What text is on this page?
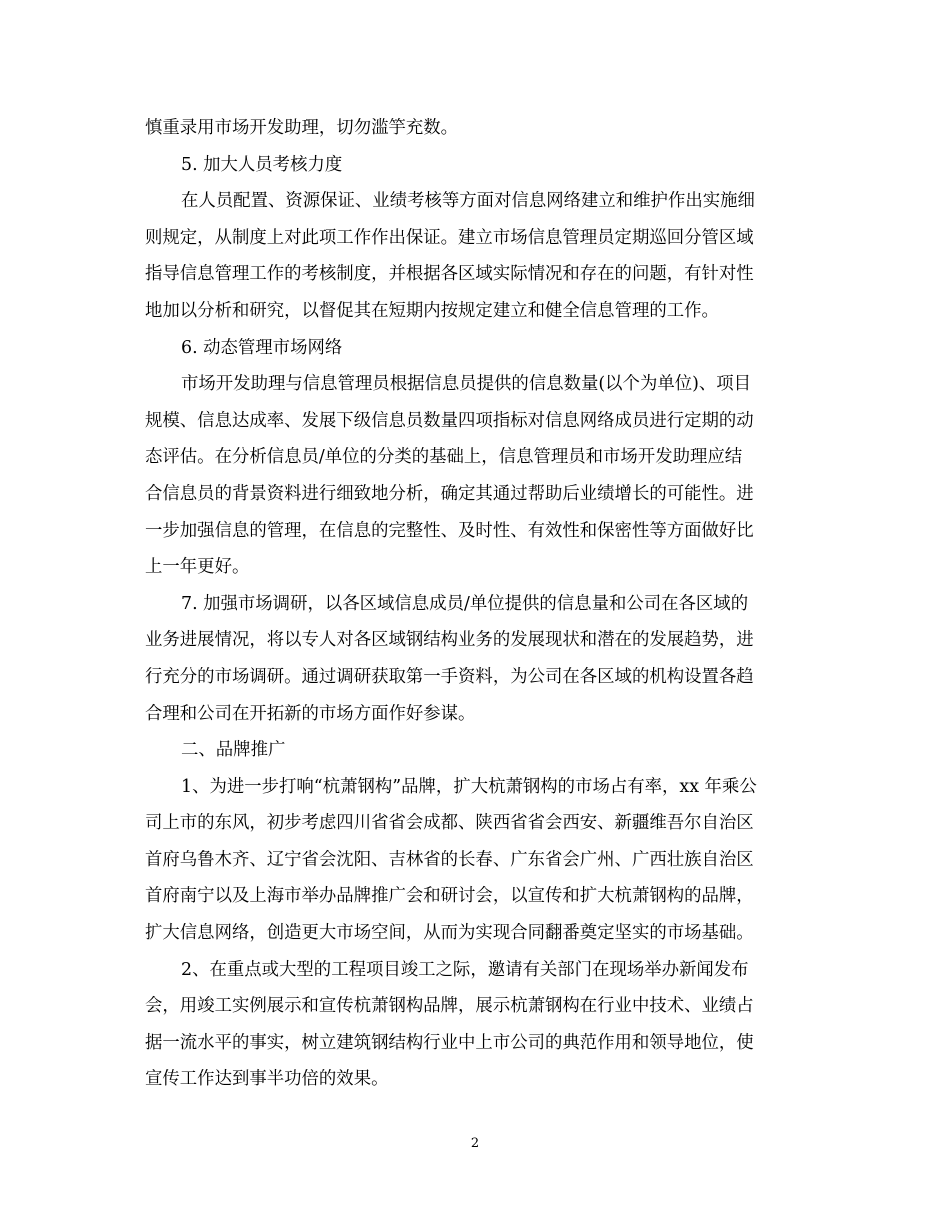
慎重录用市场开发助理，切勿滥竽充数。
5. 加大人员考核力度
在人员配置、资源保证、业绩考核等方面对信息网络建立和维护作出实施细
则规定，从制度上对此项工作作出保证。建立市场信息管理员定期巡回分管区域
指导信息管理工作的考核制度，并根据各区域实际情况和存在的问题，有针对性
地加以分析和研究，以督促其在短期内按规定建立和健全信息管理的工作。
6. 动态管理市场网络
市场开发助理与信息管理员根据信息员提供的信息数量(以个为单位)、项目
规模、信息达成率、发展下级信息员数量四项指标对信息网络成员进行定期的动
态评估。在分析信息员/单位的分类的基础上，信息管理员和市场开发助理应结
合信息员的背景资料进行细致地分析，确定其通过帮助后业绩增长的可能性。进
一步加强信息的管理，在信息的完整性、及时性、有效性和保密性等方面做好比
上一年更好。
7. 加强市场调研，以各区域信息成员/单位提供的信息量和公司在各区域的
业务进展情况，将以专人对各区域钢结构业务的发展现状和潜在的发展趋势，进
行充分的市场调研。通过调研获取第一手资料，为公司在各区域的机构设置各趋
合理和公司在开拓新的市场方面作好参谋。
二、品牌推广
1、为进一步打响“杭萧钢构”品牌，扩大杭萧钢构的市场占有率，xx 年乘公
司上市的东风，初步考虑四川省省会成都、陕西省省会西安、新疆维吾尔自治区
首府乌鲁木齐、辽宁省会沈阳、吉林省的长春、广东省会广州、广西壮族自治区
首府南宁以及上海市举办品牌推广会和研讨会，以宣传和扩大杭萧钢构的品牌，
扩大信息网络，创造更大市场空间，从而为实现合同翻番奠定坚实的市场基础。
2、在重点或大型的工程项目竣工之际，邀请有关部门在现场举办新闻发布
会，用竣工实例展示和宣传杭萧钢构品牌，展示杭萧钢构在行业中技术、业绩占
据一流水平的事实，树立建筑钢结构行业中上市公司的典范作用和领导地位，使
宣传工作达到事半功倍的效果。
2
